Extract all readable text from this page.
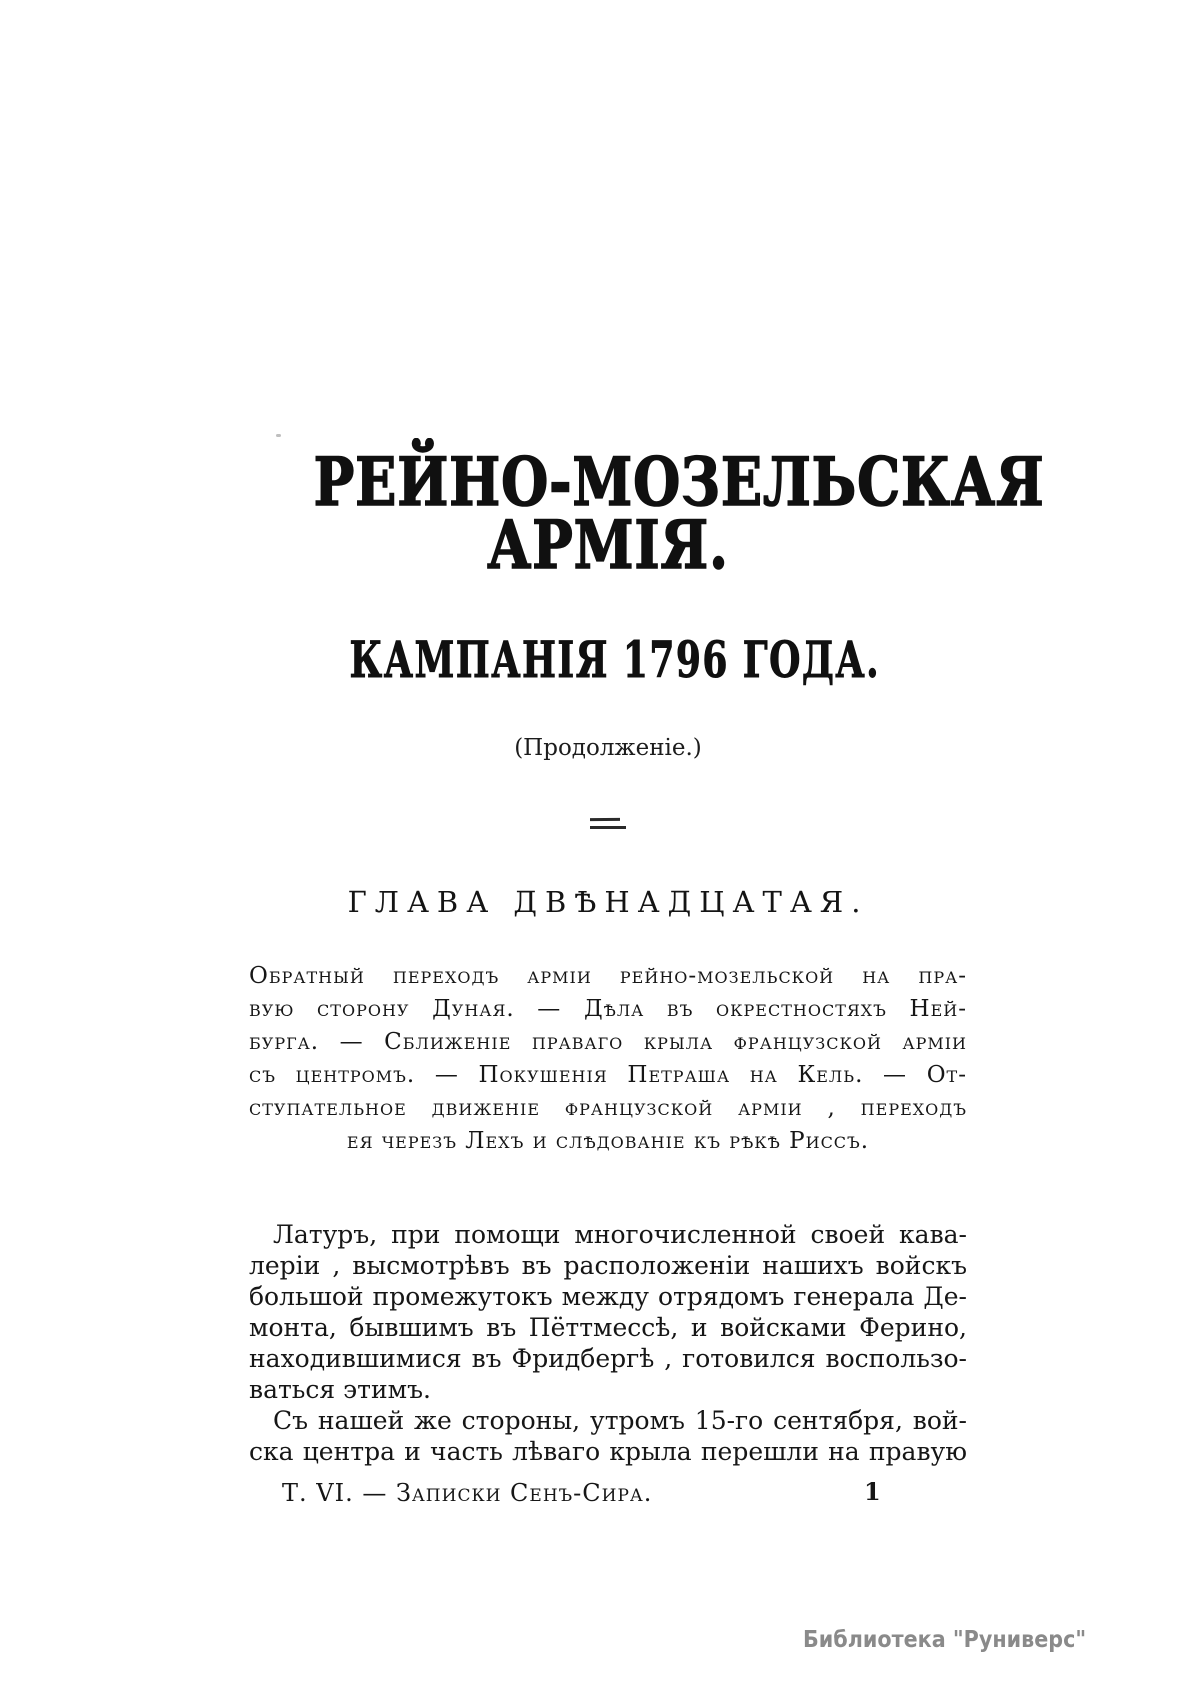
РЕЙНО-МОЗЕЛЬСКАЯ
АРМІЯ.
КАМПАНІЯ 1796 ГОДА.
(Продолженіе.)
ГЛАВА ДВѢНАДЦАТАЯ.
Обратный переходъ арміи рейно-мозельской на пра-
вую сторону Дуная. — Дѣла въ окрестностяхъ Ней-
бурга. — Сближеніе праваго крыла французской арміи
съ центромъ. — Покушенія Петраша на Кель. — От-
ступательное движеніе французской арміи , переходъ
ея черезъ Лехъ и слѣдованіе къ рѣкѣ Риссъ.
Латуръ, при помощи многочисленной своей кава-
леріи , высмотрѣвъ въ расположеніи нашихъ войскъ
большой промежутокъ между отрядомъ генерала Де-
монта, бывшимъ въ Пёттмессѣ, и войсками Ферино,
находившимися въ Фридбергѣ , готовился воспользо-
ваться этимъ.
Съ нашей же стороны, утромъ 15-го сентября, вой-
ска центра и часть лѣваго крыла перешли на правую
Т. VI. — Записки Сенъ-Сира.	1
Библиотека "Руниверс"
